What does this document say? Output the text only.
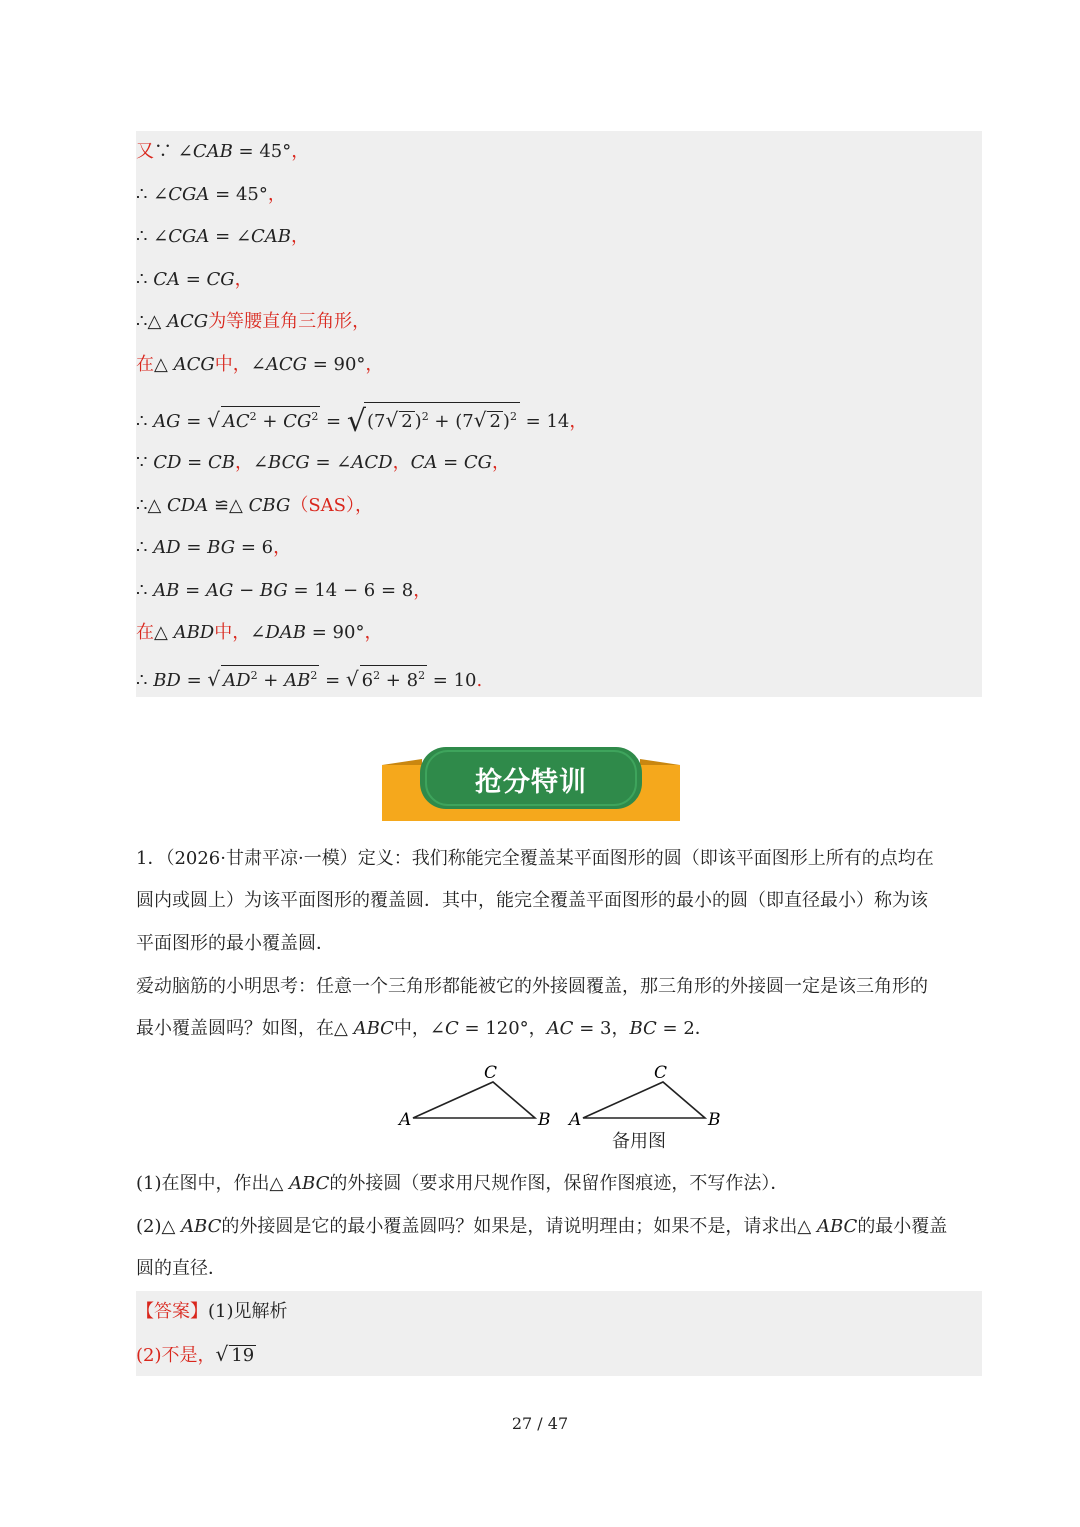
又∵ ∠CAB = 45°，
∴ ∠CGA = 45°，
∴ ∠CGA = ∠CAB，
∴ CA = CG，
∴△ ACG为等腰直角三角形，
在△ ACG中，∠ACG = 90°，
∴ AG = √ $AC^2 + CG^2 = √(7√$ 2 )$^2$ + (7√ 2 )$^2$ = 14，
∵ CD = CB，∠BCG = ∠ACD，CA = CG，
∴△ CDA ≌△ CBG（SAS），
∴ AD = BG = 6，
∴ AB = AG − BG = 14 − 6 = 8，
在△ ABD中，∠DAB = 90°，
∴ BD = √ $AD^2 + AB^2$ = √ $6^2 + 8^2 = 10$.
抢分特训
1．（2026·甘肃平凉·一模）定义：我们称能完全覆盖某平面图形的圆（即该平面图形上所有的点均在
圆内或圆上）为该平面图形的覆盖圆．其中，能完全覆盖平面图形的最小的圆（即直径最小）称为该
平面图形的最小覆盖圆．
爱动脑筋的小明思考：任意一个三角形都能被它的外接圆覆盖，那三角形的外接圆一定是该三角形的
最小覆盖圆吗？如图，在△ ABC中，∠C = 120°，AC = 3，BC = 2．
A
C
B A
C
B
备用图
(1)在图中，作出△ ABC的外接圆（要求用尺规作图，保留作图痕迹，不写作法）．
(2)△ ABC的外接圆是它的最小覆盖圆吗？如果是，请说明理由；如果不是，请求出△ ABC的最小覆盖
圆的直径．
【答案】(1)见解析
(2)不是，√ 19
27 / 47
